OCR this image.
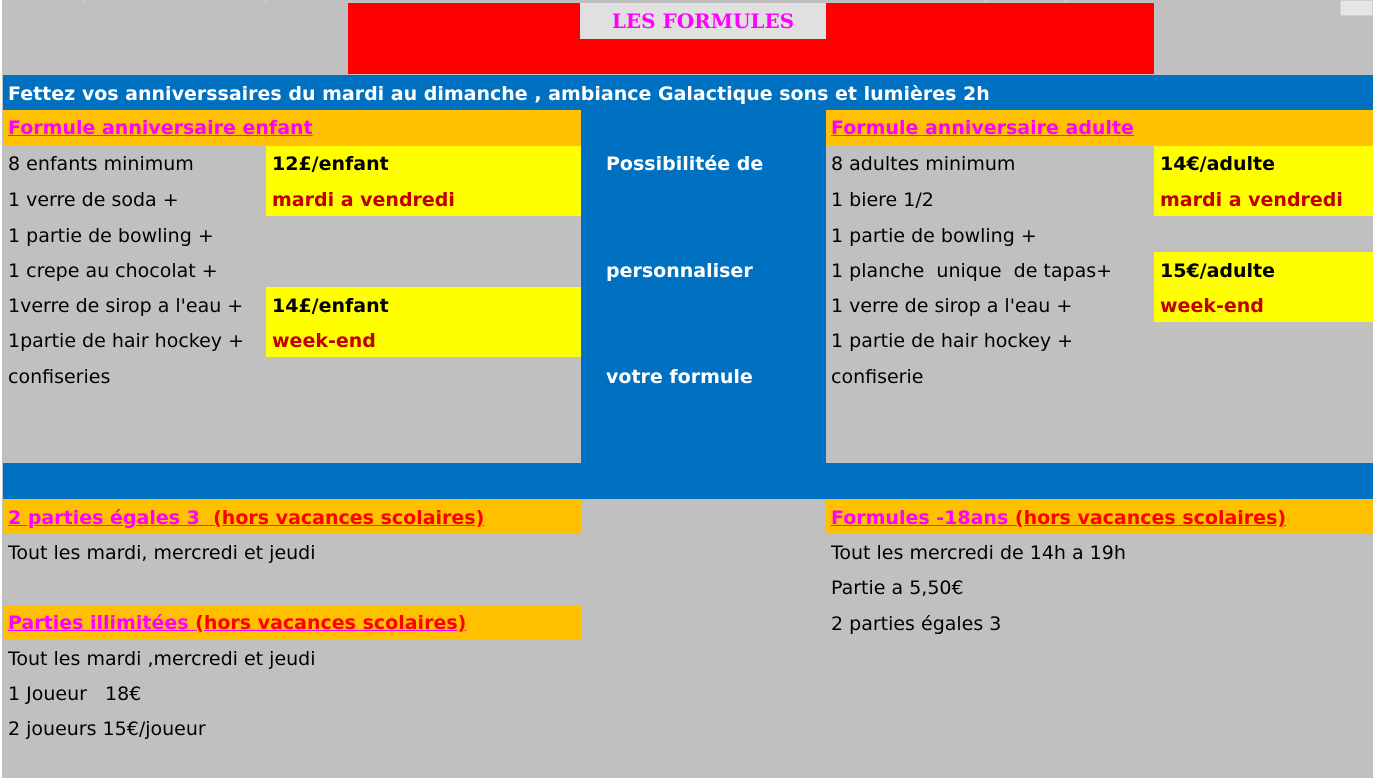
LES FORMULES
Fettez vos anniverssaires du mardi au dimanche , ambiance Galactique sons et lumières 2h
Possibilitée de
personnaliser
votre formule
Formule anniversaire enfant
8 enfants minimum
1 verre de soda +
1 partie de bowling +
1 crepe au chocolat +
1verre de sirop a l'eau +
1partie de hair hockey +
confiseries
12£/enfant
mardi a vendredi
14£/enfant
week-end
Formule anniversaire adulte
8 adultes minimum
1 biere 1/2
1 partie de bowling +
1 planche  unique  de tapas+
1 verre de sirop a l'eau +
1 partie de hair hockey +
confiserie
14€/adulte
mardi a vendredi
15€/adulte
week-end
2 parties égales 3  (hors vacances scolaires)
Tout les mardi, mercredi et jeudi
Parties illimitées (hors vacances scolaires)
Tout les mardi ,mercredi et jeudi
1 Joueur   18€
2 joueurs 15€/joueur
Formules -18ans (hors vacances scolaires)
Tout les mercredi de 14h a 19h
Partie a 5,50€
2 parties égales 3
